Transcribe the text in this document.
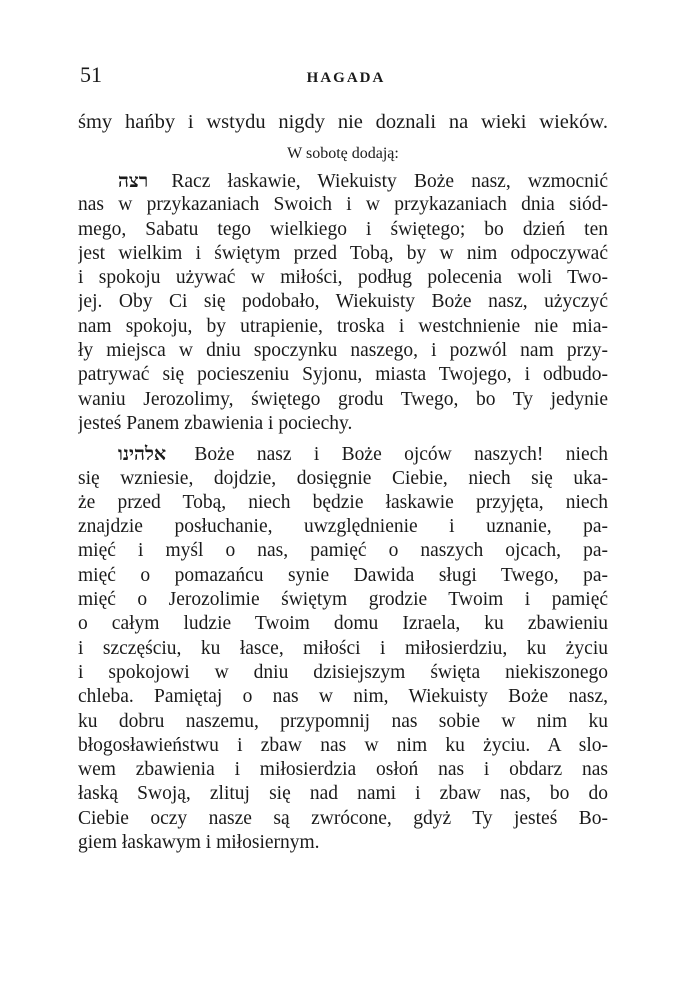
51	HAGADA
śmy hańby i wstydu nigdy nie doznali na wieki wieków.
W sobotę dodają:
רצה Racz łaskawie, Wiekuisty Boże nasz, wzmocnić
nas w przykazaniach Swoich i w przykazaniach dnia siód-
mego, Sabatu tego wielkiego i świętego; bo dzień ten
jest wielkim i świętym przed Tobą, by w nim odpoczywać
i spokoju używać w miłości, podług polecenia woli Two-
jej. Oby Ci się podobało, Wiekuisty Boże nasz, użyczyć
nam spokoju, by utrapienie, troska i westchnienie nie mia-
ły miejsca w dniu spoczynku naszego, i pozwól nam przy-
patrywać się pocieszeniu Syjonu, miasta Twojego, i odbudo-
waniu Jerozolimy, świętego grodu Twego, bo Ty jedynie
jesteś Panem zbawienia i pociechy.
אלהינו Boże nasz i Boże ojców naszych! niech
się wzniesie, dojdzie, dosięgnie Ciebie, niech się uka-
że przed Tobą, niech będzie łaskawie przyjęta, niech
znajdzie posłuchanie, uwzględnienie i uznanie, pa-
mięć i myśl o nas, pamięć o naszych ojcach, pa-
mięć o pomazańcu synie Dawida sługi Twego, pa-
mięć o Jerozolimie świętym grodzie Twoim i pamięć
o całym ludzie Twoim domu Izraela, ku zbawieniu
i szczęściu, ku łasce, miłości i miłosierdziu, ku życiu
i spokojowi w dniu dzisiejszym święta niekiszonego
chleba. Pamiętaj o nas w nim, Wiekuisty Boże nasz,
ku dobru naszemu, przypomnij nas sobie w nim ku
błogosławieństwu i zbaw nas w nim ku życiu. A slo-
wem zbawienia i miłosierdzia osłoń nas i obdarz nas
łaską Swoją, zlituj się nad nami i zbaw nas, bo do
Ciebie oczy nasze są zwrócone, gdyż Ty jesteś Bo-
giem łaskawym i miłosiernym.
